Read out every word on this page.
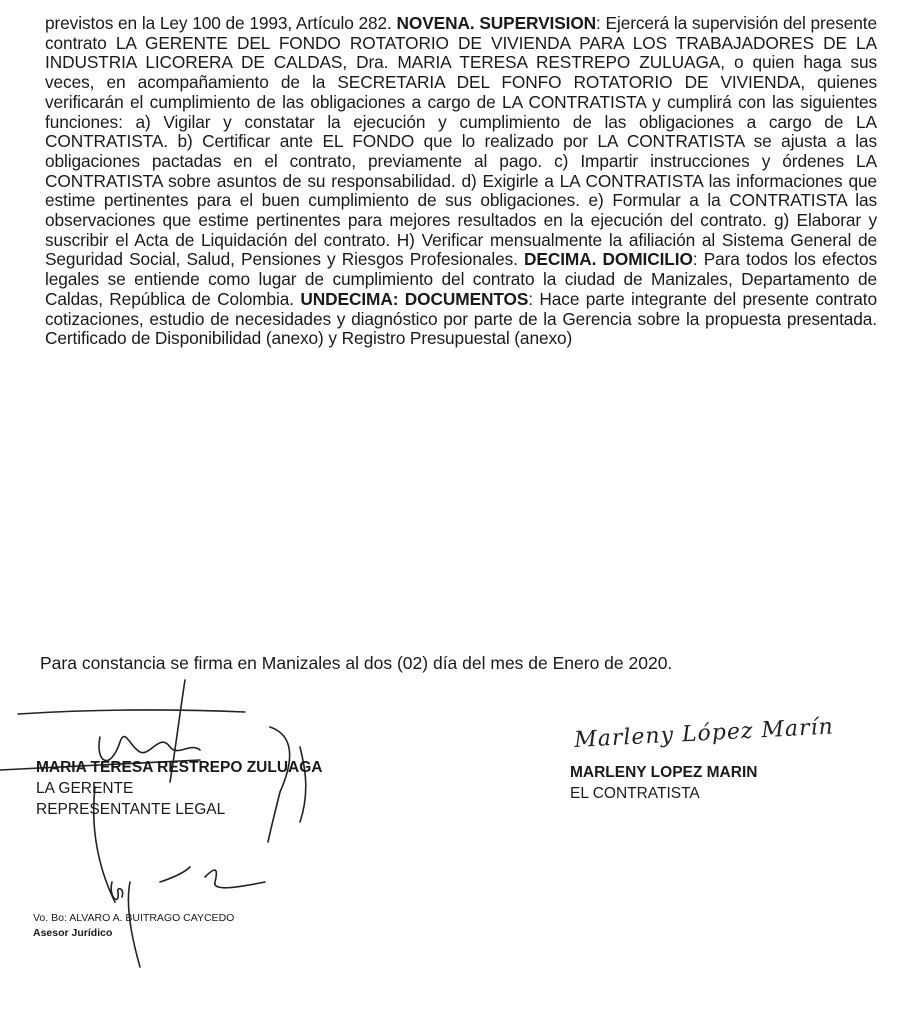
previstos en la Ley 100 de 1993, Artículo 282. NOVENA. SUPERVISION: Ejercerá la supervisión del presente contrato LA GERENTE DEL FONDO ROTATORIO DE VIVIENDA PARA LOS TRABAJADORES DE LA INDUSTRIA LICORERA DE CALDAS, Dra. MARIA TERESA RESTREPO ZULUAGA, o quien haga sus veces, en acompañamiento de la SECRETARIA DEL FONFO ROTATORIO DE VIVIENDA, quienes verificarán el cumplimiento de las obligaciones a cargo de LA CONTRATISTA y cumplirá con las siguientes funciones: a) Vigilar y constatar la ejecución y cumplimiento de las obligaciones a cargo de LA CONTRATISTA. b) Certificar ante EL FONDO que lo realizado por LA CONTRATISTA se ajusta a las obligaciones pactadas en el contrato, previamente al pago. c) Impartir instrucciones y órdenes LA CONTRATISTA sobre asuntos de su responsabilidad. d) Exigirle a LA CONTRATISTA las informaciones que estime pertinentes para el buen cumplimiento de sus obligaciones. e) Formular a la CONTRATISTA las observaciones que estime pertinentes para mejores resultados en la ejecución del contrato. g) Elaborar y suscribir el Acta de Liquidación del contrato. H) Verificar mensualmente la afiliación al Sistema General de Seguridad Social, Salud, Pensiones y Riesgos Profesionales. DECIMA. DOMICILIO: Para todos los efectos legales se entiende como lugar de cumplimiento del contrato la ciudad de Manizales, Departamento de Caldas, República de Colombia. UNDECIMA: DOCUMENTOS: Hace parte integrante del presente contrato cotizaciones, estudio de necesidades y diagnóstico por parte de la Gerencia sobre la propuesta presentada. Certificado de Disponibilidad (anexo) y Registro Presupuestal (anexo)

Para constancia se firma en Manizales al dos (02) día del mes de Enero de 2020.
MARIA TERESA RESTREPO ZULUAGA
LA GERENTE
REPRESENTANTE LEGAL
Marleny López Marín
MARLENY LOPEZ MARIN
EL CONTRATISTA
Vo. Bo: ALVARO A. BUITRAGO CAYCEDO
Asesor Jurídico
